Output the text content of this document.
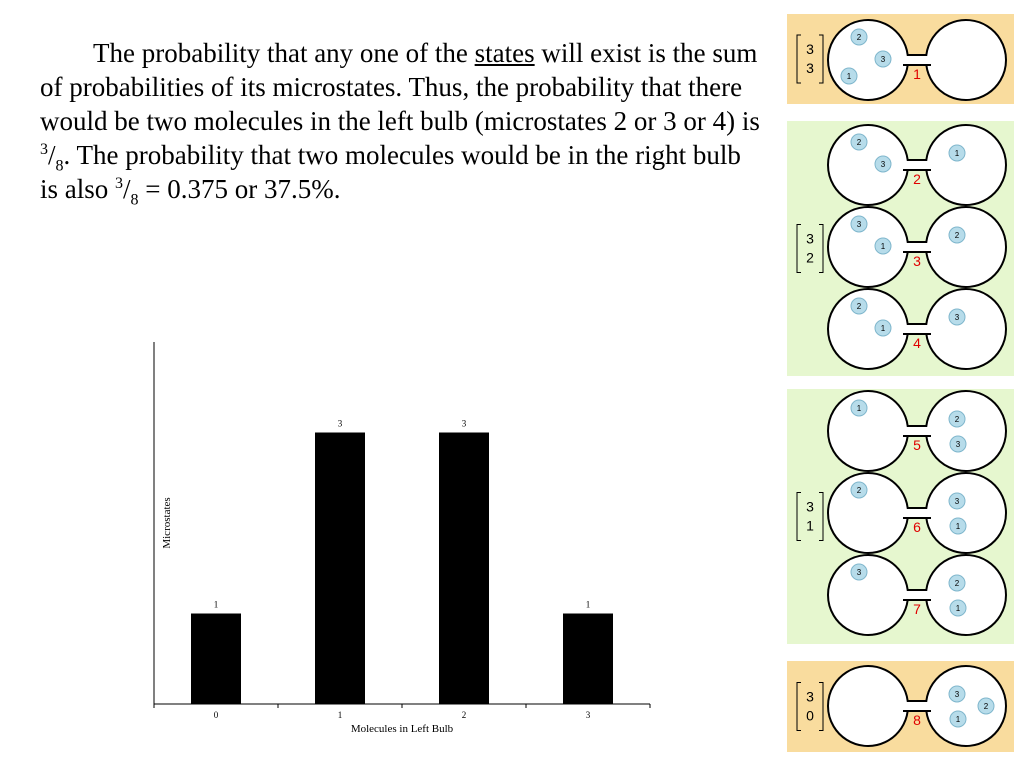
The probability that any one of the states will exist is the sum of probabilities of its microstates. Thus, the probability that there would be two molecules in the left bulb (microstates 2 or 3 or 4) is $^3/_8$. The probability that two molecules would be in the right bulb is also $^3/_8 = 0.375$ or 37.5%.

1
0
3
1
3
2
1
3
Molecules in Left Bulb
Microstates
3
3	1
2
3
1
3
2
2
2
3
1
3
3
1
2
4
2
1
3
3
1
5
1
2
3
6
2
3
1
7
3
2
1
3
0	8
3
1
2
